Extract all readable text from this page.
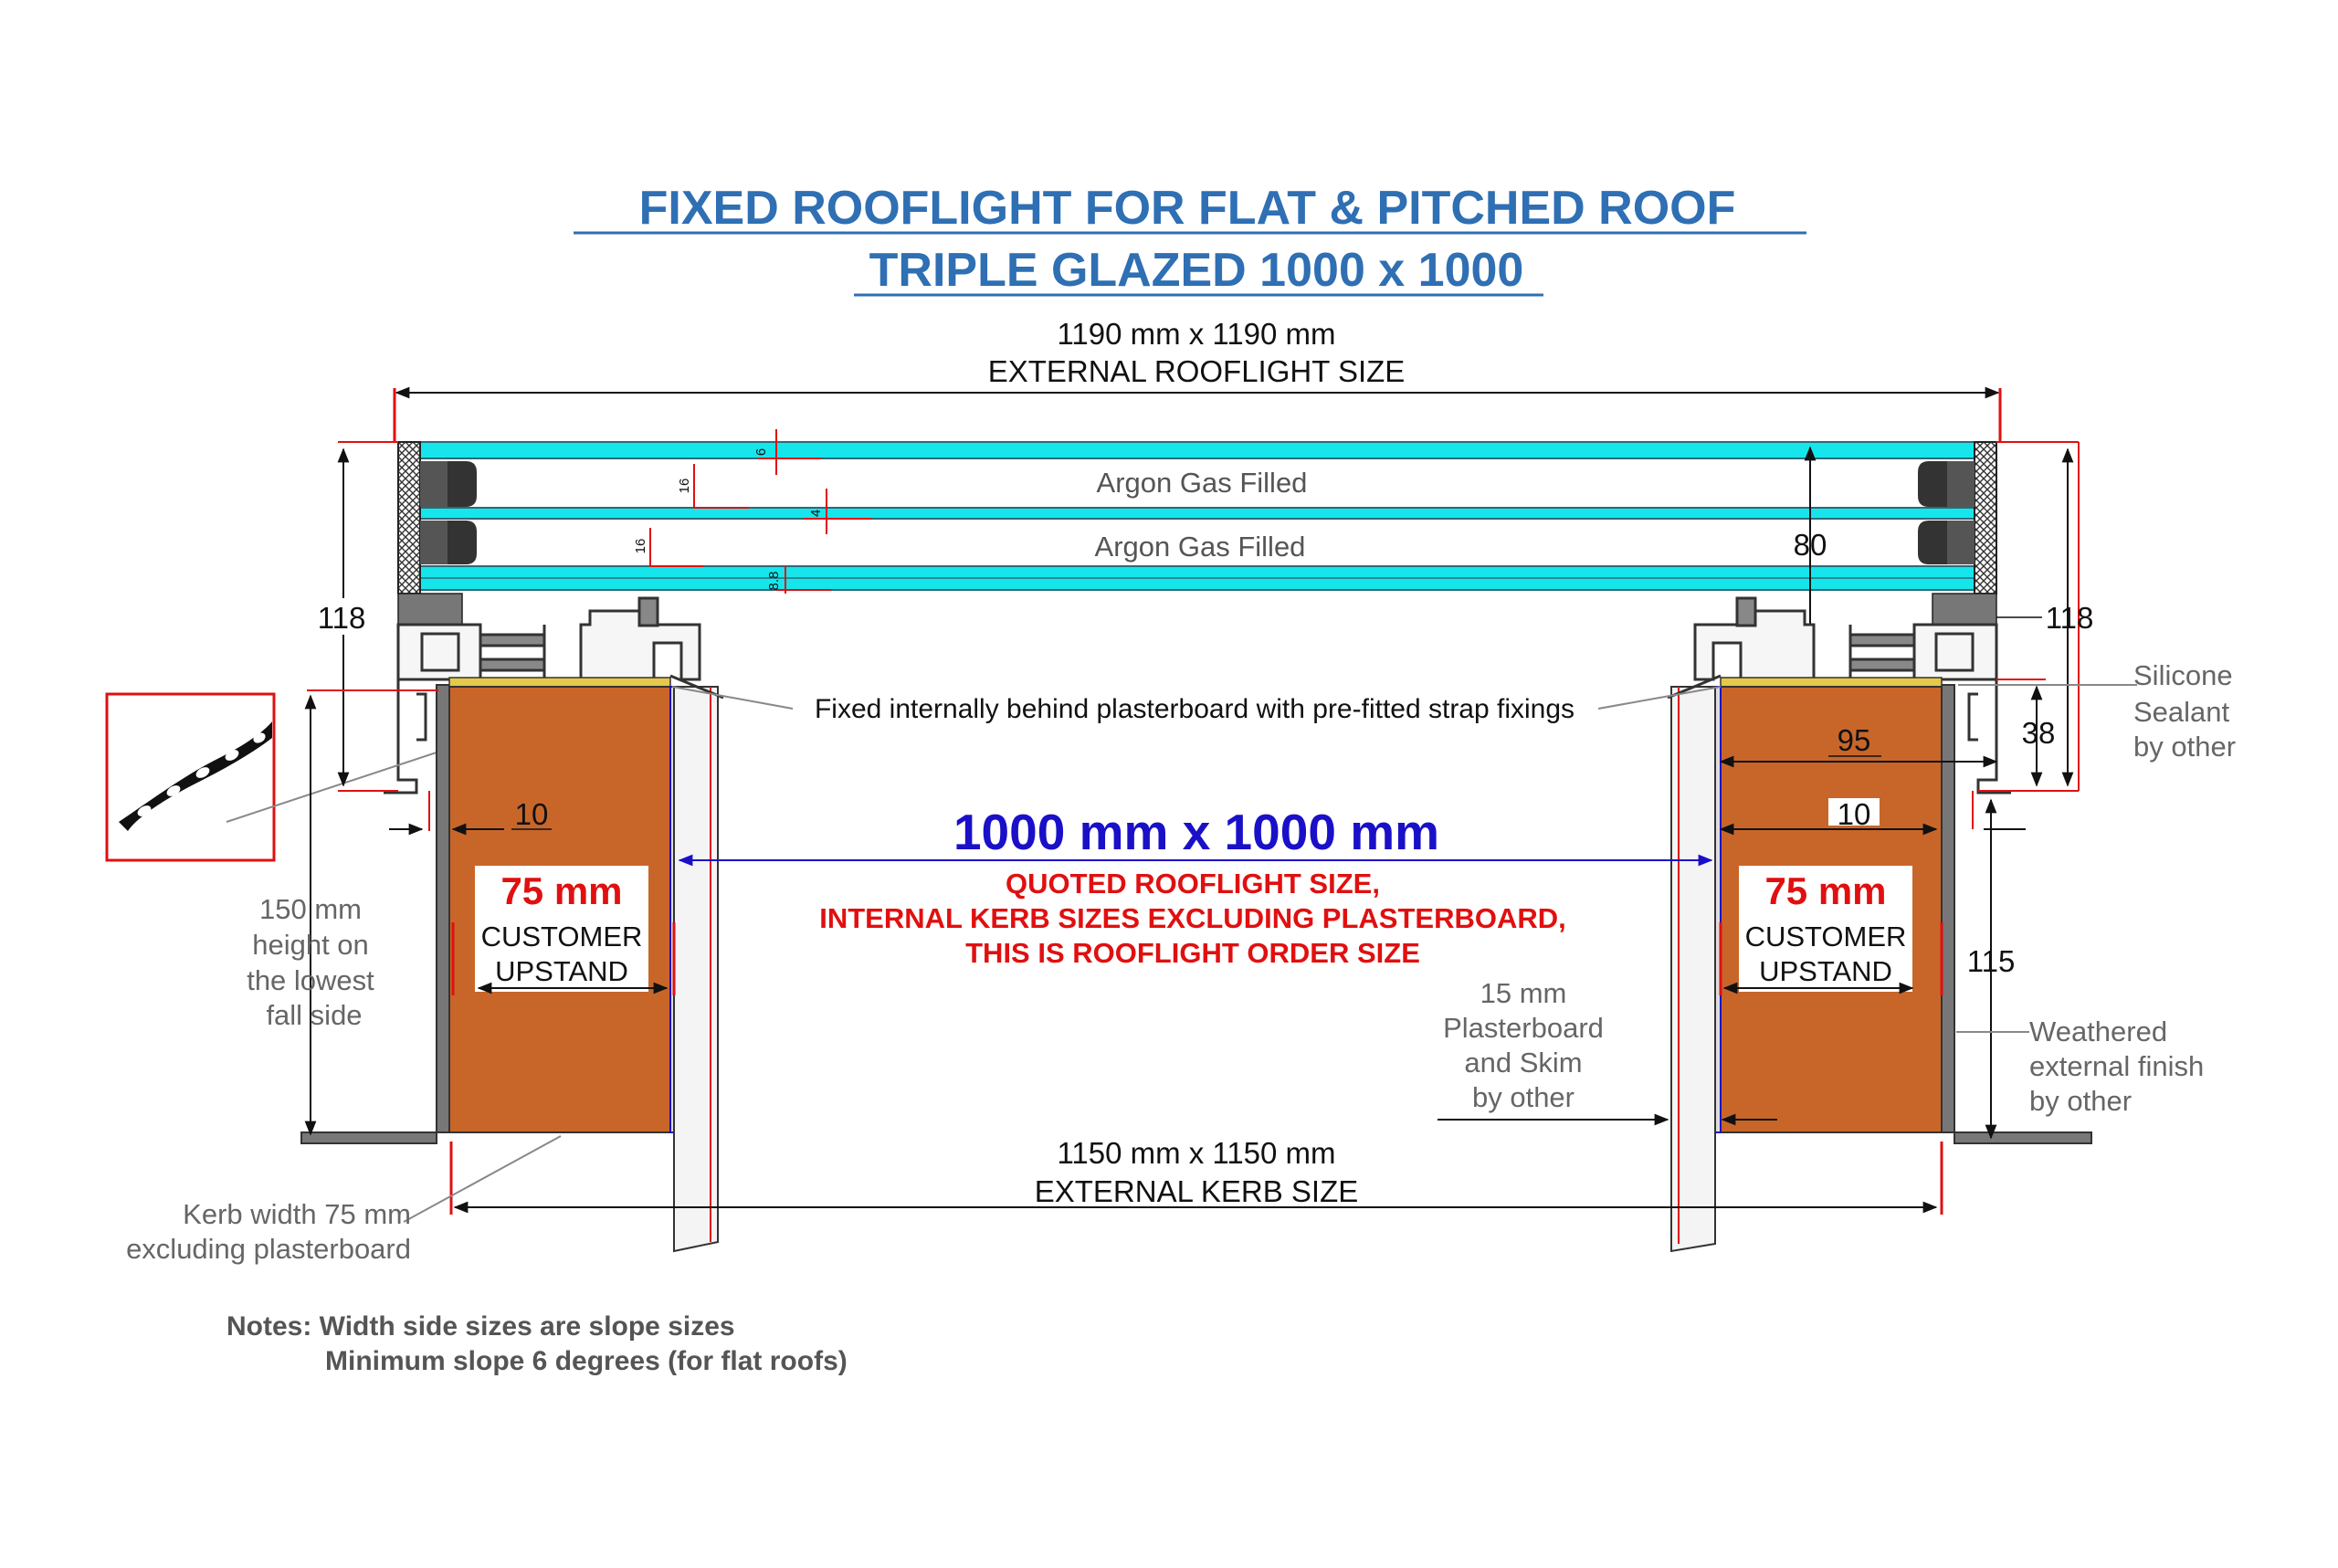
FIXED ROOFLIGHT FOR FLAT & PITCHED ROOF
TRIPLE GLAZED 1000 x 1000
1190 mm x 1190 mm
EXTERNAL ROOFLIGHT SIZE
Argon Gas Filled
Argon Gas Filled
6
16
4
16
8.8
80
75 mm
CUSTOMER
UPSTAND
75 mm
CUSTOMER
UPSTAND
Fixed internally behind plasterboard with pre-fitted strap fixings
1000 mm x 1000 mm
QUOTED ROOFLIGHT SIZE,
INTERNAL KERB SIZES EXCLUDING PLASTERBOARD,
THIS IS ROOFLIGHT ORDER SIZE
118
10
118
38
95
10
115
Silicone
Sealant
by other
150 mm
height on
the lowest
fall side
15 mm
Plasterboard
and Skim
by other
Weathered
external finish
by other
1150 mm x 1150 mm
EXTERNAL KERB SIZE
Kerb width 75 mm
excluding plasterboard
Notes: Width side sizes are slope sizes
Minimum slope 6 degrees (for flat roofs)
